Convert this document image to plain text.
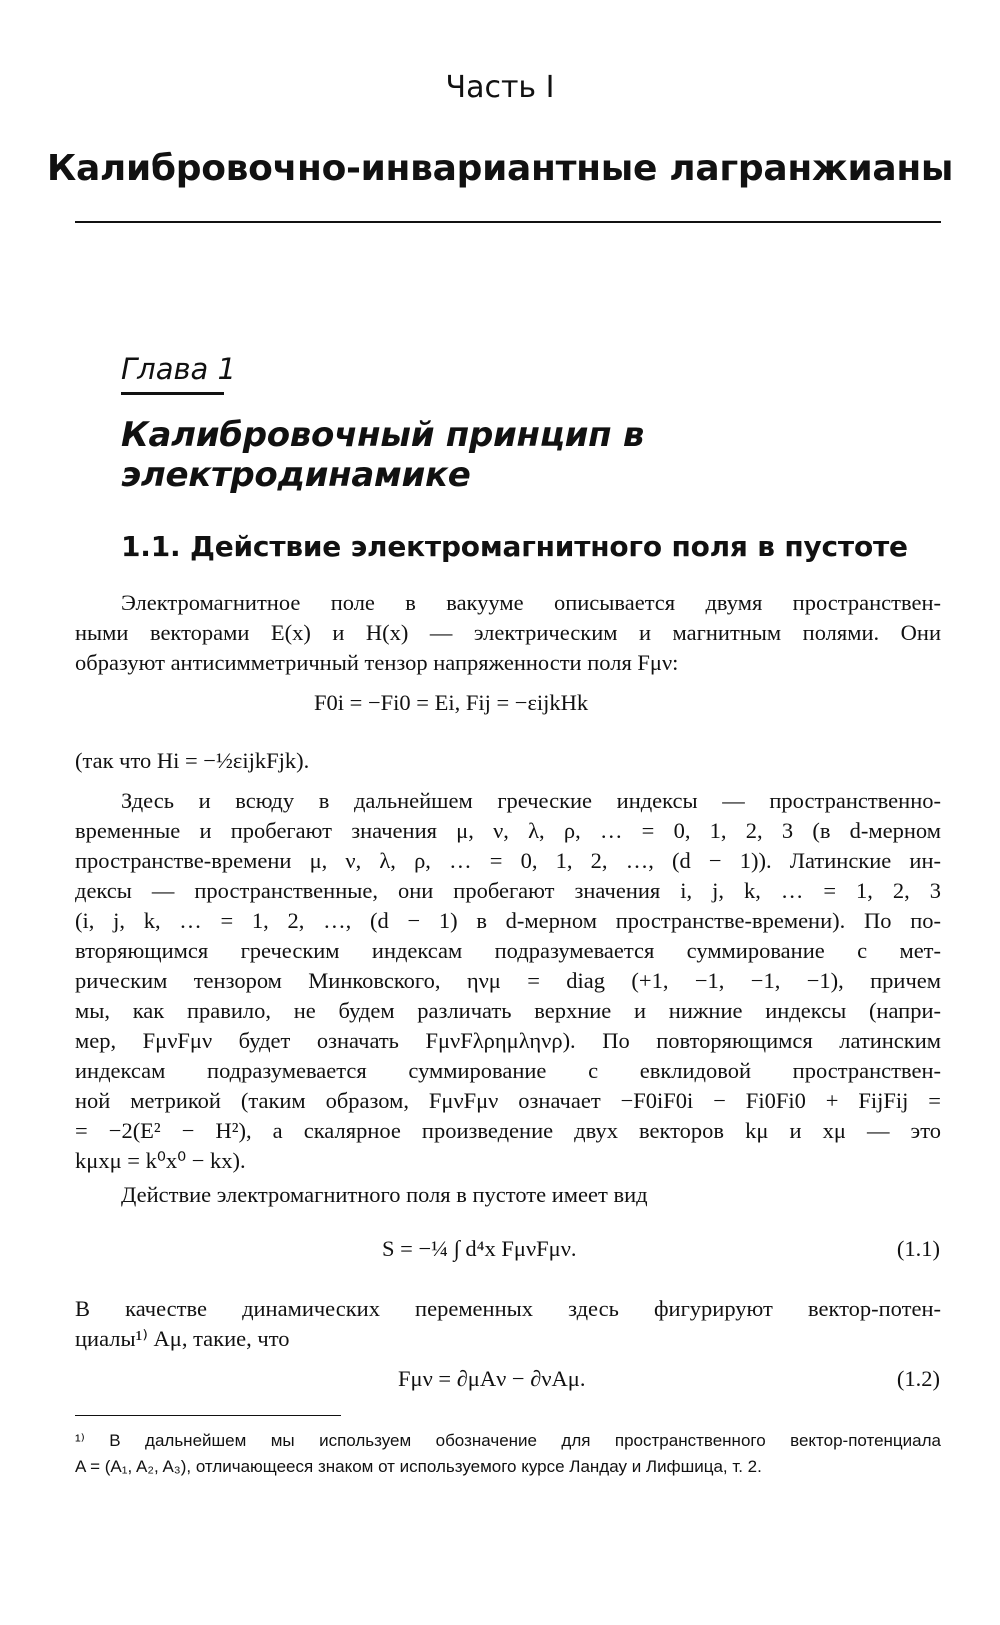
Часть I
Калибровочно-инвариантные лагранжианы
Глава 1
Калибровочный принцип в электродинамике
1.1. Действие электромагнитного поля в пустоте
Электромагнитное поле в вакууме описывается двумя пространствен-
ными векторами E(x) и H(x) — электрическим и магнитным полями. Они
образуют антисимметричный тензор напряженности поля Fμν:
F0i = −Fi0 = Ei, Fij = −εijkHk
(так что Hi = −½εijkFjk).
Здесь и всюду в дальнейшем греческие индексы — пространственно-
временные и пробегают значения μ, ν, λ, ρ, … = 0, 1, 2, 3 (в d-мерном
пространстве-времени μ, ν, λ, ρ, … = 0, 1, 2, …, (d − 1)). Латинские ин-
дексы — пространственные, они пробегают значения i, j, k, … = 1, 2, 3
(i, j, k, … = 1, 2, …, (d − 1) в d-мерном пространстве-времени). По по-
вторяющимся греческим индексам подразумевается суммирование с мет-
рическим тензором Минковского, ηνμ = diag (+1, −1, −1, −1), причем
мы, как правило, не будем различать верхние и нижние индексы (напри-
мер, FμνFμν будет означать FμνFλρημληνρ). По повторяющимся латинским
индексам подразумевается суммирование с евклидовой пространствен-
ной метрикой (таким образом, FμνFμν означает −F0iF0i − Fi0Fi0 + FijFij =
= −2(E² − H²), а скалярное произведение двух векторов kμ и xμ — это
kμxμ = k⁰x⁰ − kx).
Действие электромагнитного поля в пустоте имеет вид
S = −¼ ∫ d⁴x FμνFμν.	(1.1)
В качестве динамических переменных здесь фигурируют вектор-потен-
циалы¹⁾ Aμ, такие, что
Fμν = ∂μAν − ∂νAμ.	(1.2)
¹⁾ В дальнейшем мы используем обозначение для пространственного вектор-потенциала
A = (A₁, A₂, A₃), отличающееся знаком от используемого курсе Ландау и Лифшица, т. 2.
